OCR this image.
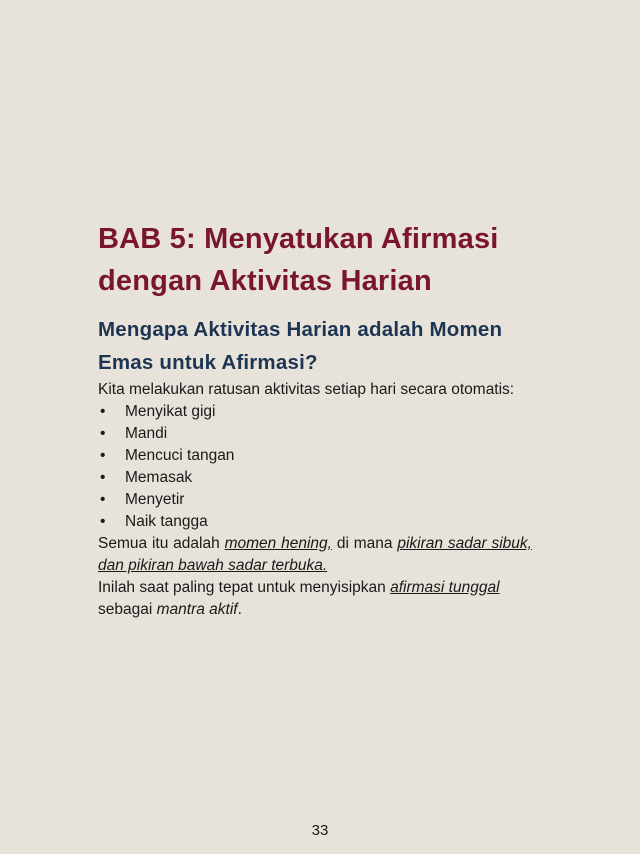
BAB 5: Menyatukan Afirmasi dengan Aktivitas Harian
Mengapa Aktivitas Harian adalah Momen Emas untuk Afirmasi?

Kita melakukan ratusan aktivitas setiap hari secara otomatis:

• Menyikat gigi
• Mandi
• Mencuci tangan
• Memasak
• Menyetir
• Naik tangga

Semua itu adalah momen hening, di mana pikiran sadar sibuk, dan pikiran bawah sadar terbuka.

Inilah saat paling tepat untuk menyisipkan afirmasi tunggal sebagai mantra aktif.

33
